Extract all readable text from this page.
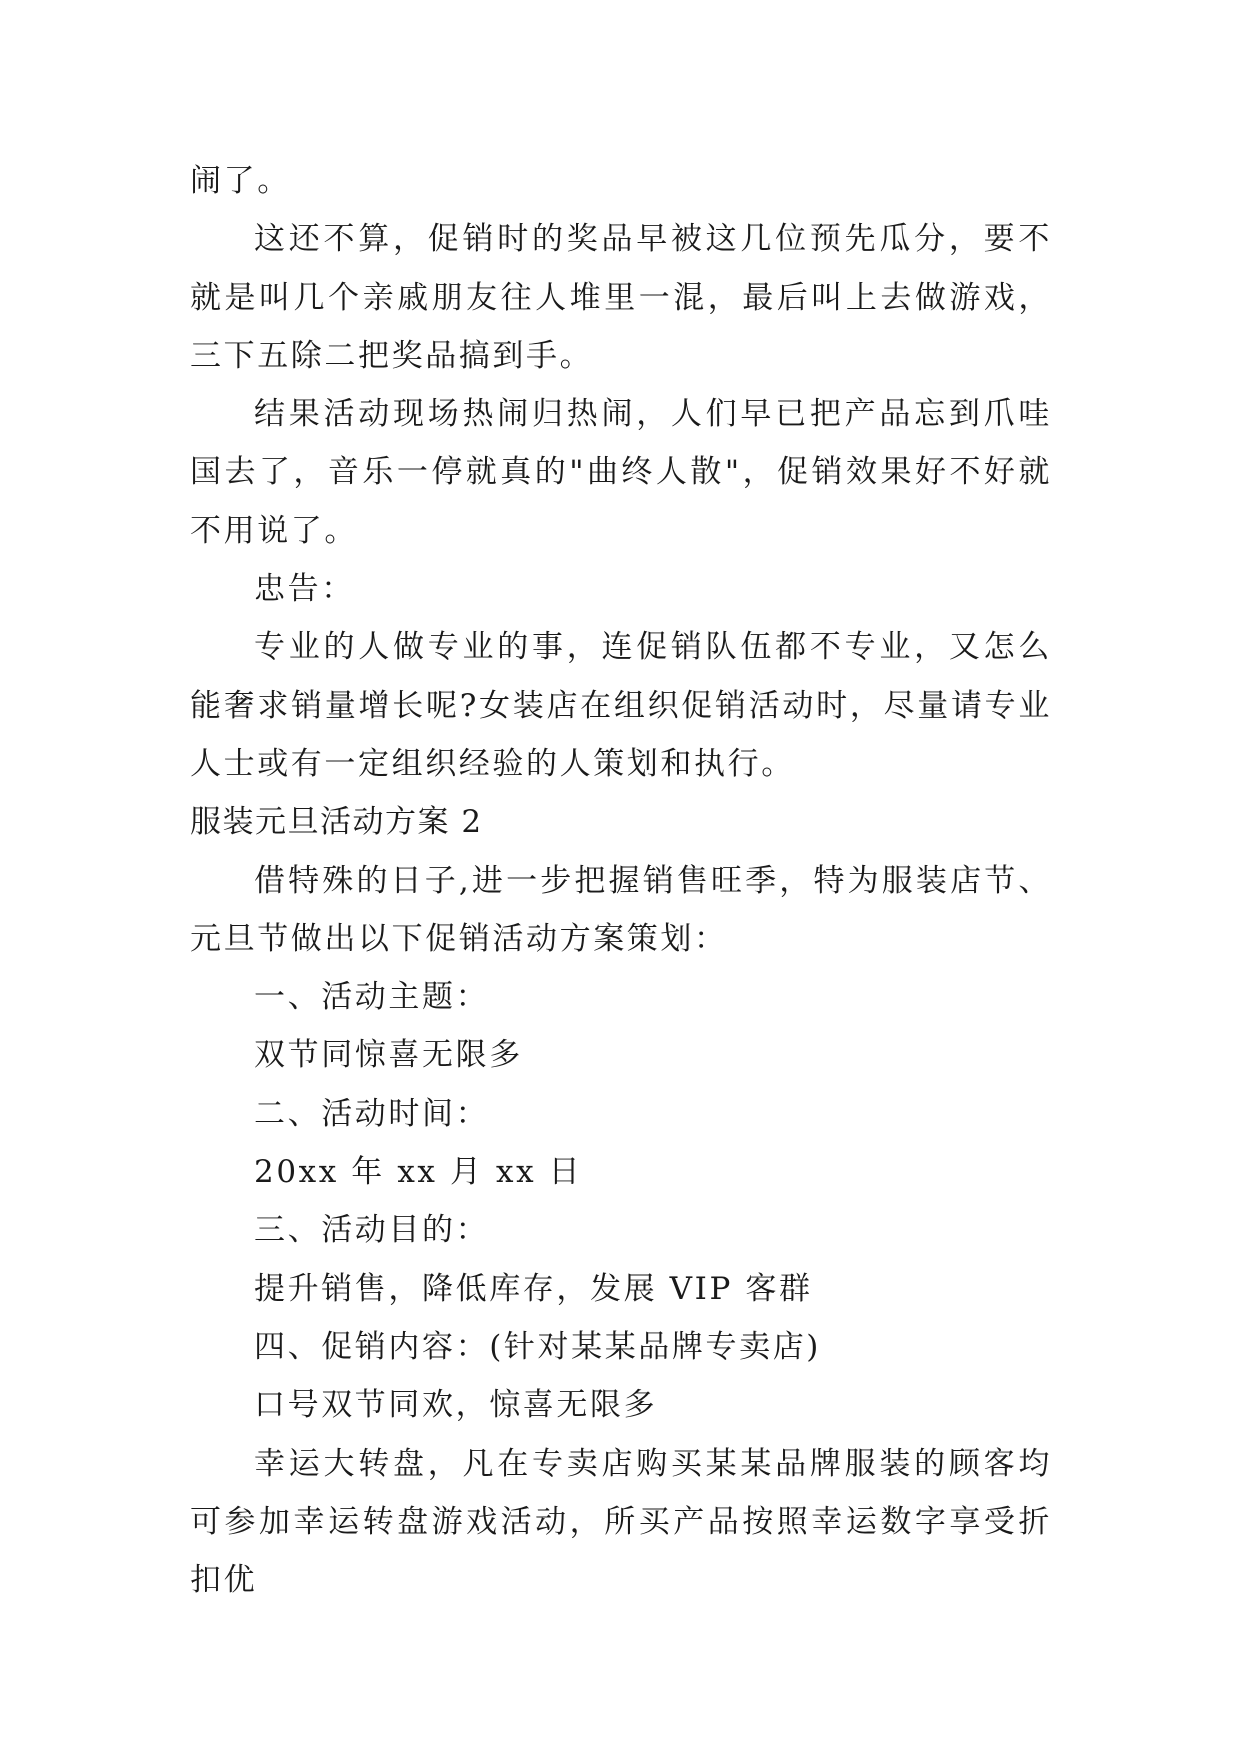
闹了。

这还不算，促销时的奖品早被这几位预先瓜分，要不就是叫几个亲戚朋友往人堆里一混，最后叫上去做游戏，三下五除二把奖品搞到手。

结果活动现场热闹归热闹，人们早已把产品忘到爪哇国去了，音乐一停就真的"曲终人散"，促销效果好不好就不用说了。

忠告：

专业的人做专业的事，连促销队伍都不专业，又怎么能奢求销量增长呢?女装店在组织促销活动时，尽量请专业人士或有一定组织经验的人策划和执行。

服装元旦活动方案 2

借特殊的日子,进一步把握销售旺季，特为服装店节、元旦节做出以下促销活动方案策划：

一、活动主题：

双节同惊喜无限多

二、活动时间：

20xx 年 xx 月 xx 日

三、活动目的：

提升销售，降低库存，发展 VIP 客群

四、促销内容：(针对某某品牌专卖店)

口号双节同欢，惊喜无限多

幸运大转盘，凡在专卖店购买某某品牌服装的顾客均可参加幸运转盘游戏活动，所买产品按照幸运数字享受折扣优
